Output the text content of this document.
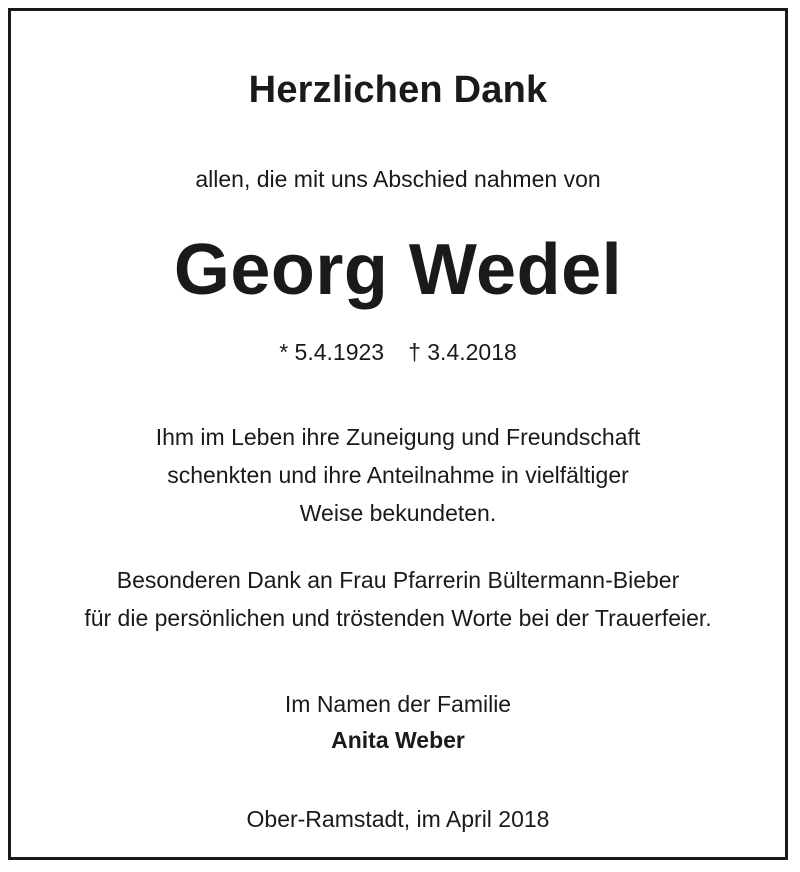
Herzlichen Dank
allen, die mit uns Abschied nahmen von
Georg Wedel
* 5.4.1923 † 3.4.2018
Ihm im Leben ihre Zuneigung und Freundschaft
schenkten und ihre Anteilnahme in vielfältiger
Weise bekundeten.
Besonderen Dank an Frau Pfarrerin Bültermann-Bieber
für die persönlichen und tröstenden Worte bei der Trauerfeier.
Im Namen der Familie
Anita Weber
Ober-Ramstadt, im April 2018
